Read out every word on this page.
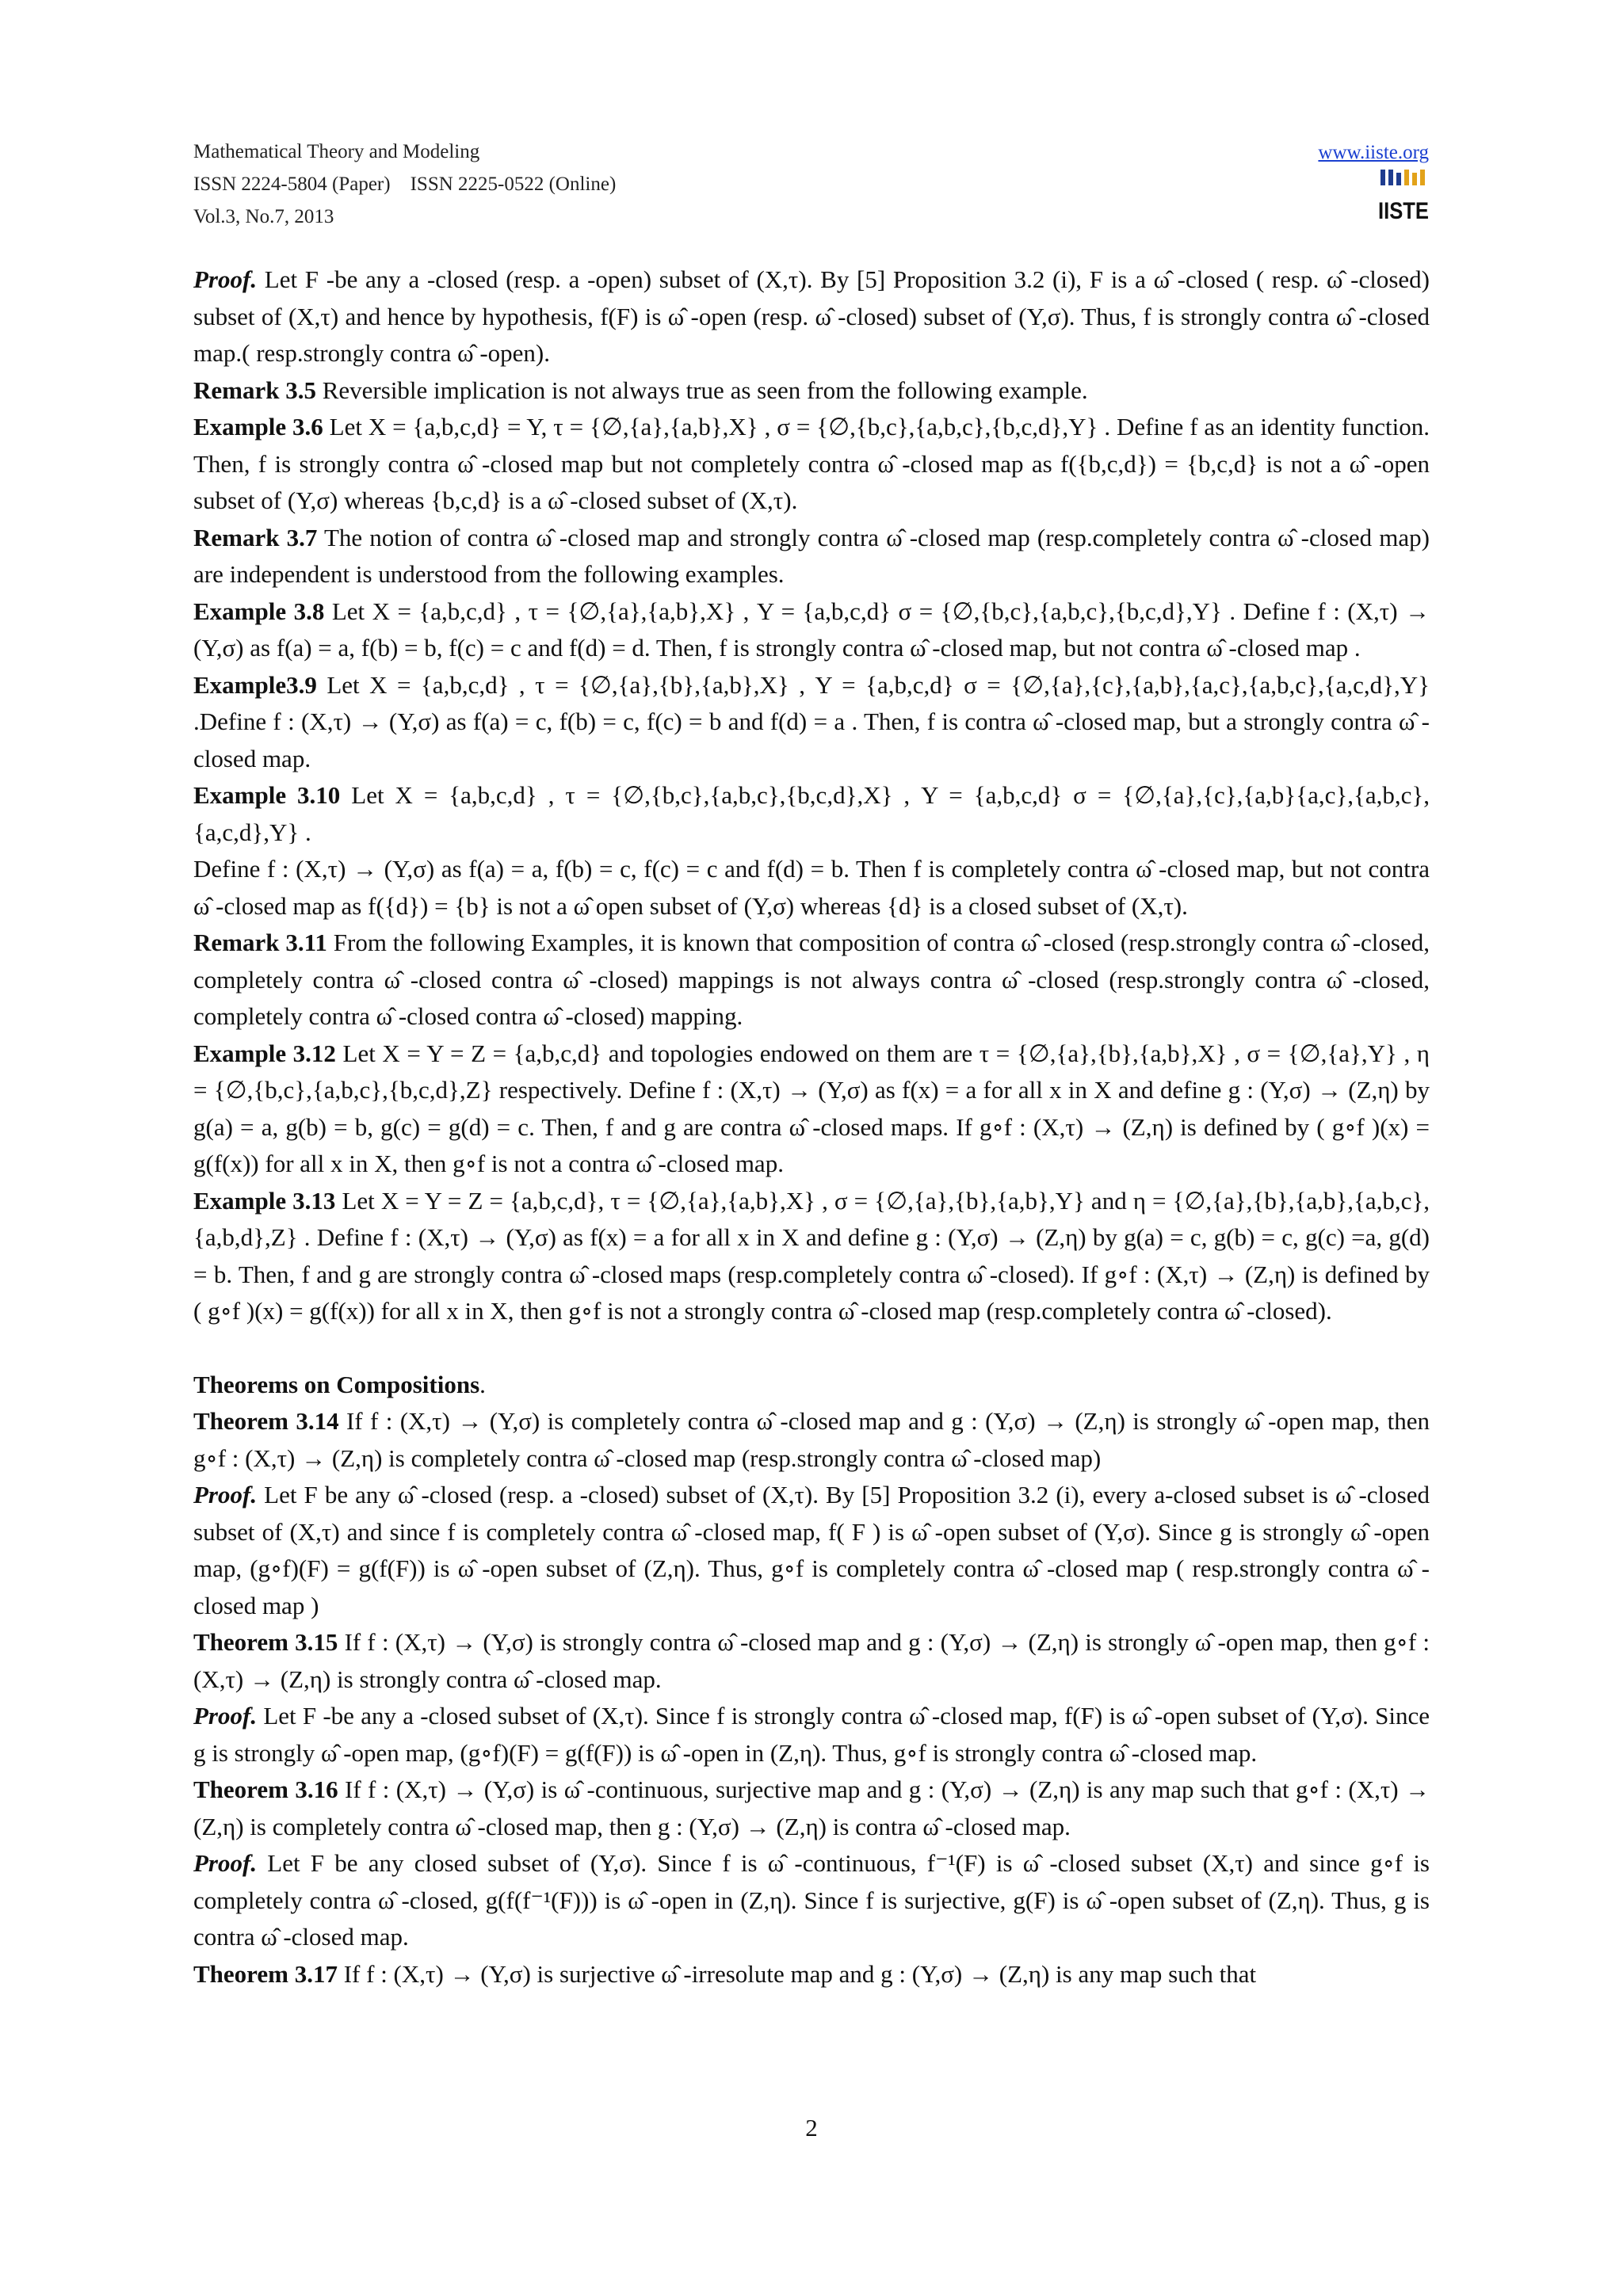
Mathematical Theory and Modeling
ISSN 2224-5804 (Paper)    ISSN 2225-0522 (Online)
Vol.3, No.7, 2013
www.iiste.org
IISTE

Proof. Let F -be any a -closed (resp. a -open) subset of (X,τ). By [5] Proposition 3.2 (i), F is a ω̂ -closed ( resp. ω̂ -closed) subset of (X,τ) and hence by hypothesis, f(F) is ω̂ -open (resp. ω̂ -closed) subset of (Y,σ). Thus, f is strongly contra ω̂ -closed map.( resp.strongly contra ω̂ -open).

Remark 3.5 Reversible implication is not always true as seen from the following example.

Example 3.6 Let X = {a,b,c,d} = Y, τ = {∅,{a},{a,b},X} , σ = {∅,{b,c},{a,b,c},{b,c,d},Y} . Define f as an identity function. Then, f is strongly contra ω̂ -closed map but not completely contra ω̂ -closed map as f({b,c,d}) = {b,c,d} is not a ω̂ -open subset of (Y,σ) whereas {b,c,d} is a ω̂ -closed subset of (X,τ).

Remark 3.7 The notion of contra ω̂ -closed map and strongly contra ω̂ -closed map (resp.completely contra ω̂ -closed map) are independent is understood from the following examples.

Example 3.8 Let X = {a,b,c,d} , τ = {∅,{a},{a,b},X} , Y = {a,b,c,d} σ = {∅,{b,c},{a,b,c},{b,c,d},Y} . Define f : (X,τ) → (Y,σ) as f(a) = a, f(b) = b, f(c) = c and f(d) = d. Then, f is strongly contra ω̂ -closed map, but not contra ω̂ -closed map .

Example3.9 Let X = {a,b,c,d} , τ = {∅,{a},{b},{a,b},X} , Y = {a,b,c,d} σ = {∅,{a},{c},{a,b},{a,c},{a,b,c},{a,c,d},Y} .Define f : (X,τ) → (Y,σ) as f(a) = c, f(b) = c, f(c) = b and f(d) = a . Then, f is contra ω̂ -closed map, but a strongly contra ω̂ -closed map.

Example 3.10 Let X = {a,b,c,d} , τ = {∅,{b,c},{a,b,c},{b,c,d},X} , Y = {a,b,c,d} σ = {∅,{a},{c},{a,b}{a,c},{a,b,c},{a,c,d},Y} .

Define f : (X,τ) → (Y,σ) as f(a) = a, f(b) = c, f(c) = c and f(d) = b. Then f is completely contra ω̂ -closed map, but not contra ω̂ -closed map as f({d}) = {b} is not a ω̂ open subset of (Y,σ) whereas {d} is a closed subset of (X,τ).

Remark 3.11 From the following Examples, it is known that composition of contra ω̂ -closed (resp.strongly contra ω̂ -closed, completely contra ω̂ -closed contra ω̂ -closed) mappings is not always contra ω̂ -closed (resp.strongly contra ω̂ -closed, completely contra ω̂ -closed contra ω̂ -closed) mapping.

Example 3.12 Let X = Y = Z = {a,b,c,d} and topologies endowed on them are τ = {∅,{a},{b},{a,b},X} , σ = {∅,{a},Y} , η = {∅,{b,c},{a,b,c},{b,c,d},Z} respectively. Define f : (X,τ) → (Y,σ) as f(x) = a for all x in X and define g : (Y,σ) → (Z,η) by g(a) = a, g(b) = b, g(c) = g(d) = c. Then, f and g are contra ω̂ -closed maps. If g∘f : (X,τ) → (Z,η) is defined by ( g∘f )(x) = g(f(x)) for all x in X, then g∘f is not a contra ω̂ -closed map.

Example 3.13 Let X = Y = Z = {a,b,c,d}, τ = {∅,{a},{a,b},X} , σ = {∅,{a},{b},{a,b},Y} and η = {∅,{a},{b},{a,b},{a,b,c},{a,b,d},Z} . Define f : (X,τ) → (Y,σ) as f(x) = a for all x in X and define g : (Y,σ) → (Z,η) by g(a) = c, g(b) = c, g(c) =a, g(d) = b. Then, f and g are strongly contra ω̂ -closed maps (resp.completely contra ω̂ -closed). If g∘f : (X,τ) → (Z,η) is defined by ( g∘f )(x) = g(f(x)) for all x in X, then g∘f is not a strongly contra ω̂ -closed map (resp.completely contra ω̂ -closed).

Theorems on Compositions.

Theorem 3.14 If f : (X,τ) → (Y,σ) is completely contra ω̂ -closed map and g : (Y,σ) → (Z,η) is strongly ω̂ -open map, then g∘f : (X,τ) → (Z,η) is completely contra ω̂ -closed map (resp.strongly contra ω̂ -closed map)

Proof. Let F be any ω̂ -closed (resp. a -closed) subset of (X,τ). By [5] Proposition 3.2 (i), every a-closed subset is ω̂ -closed subset of (X,τ) and since f is completely contra ω̂ -closed map, f( F ) is ω̂ -open subset of (Y,σ). Since g is strongly ω̂ -open map, (g∘f)(F) = g(f(F)) is ω̂ -open subset of (Z,η). Thus, g∘f is completely contra ω̂ -closed map ( resp.strongly contra ω̂ -closed map )

Theorem 3.15 If f : (X,τ) → (Y,σ) is strongly contra ω̂ -closed map and g : (Y,σ) → (Z,η) is strongly ω̂ -open map, then g∘f : (X,τ) → (Z,η) is strongly contra ω̂ -closed map.

Proof. Let F -be any a -closed subset of (X,τ). Since f is strongly contra ω̂ -closed map, f(F) is ω̂ -open subset of (Y,σ). Since g is strongly ω̂ -open map, (g∘f)(F) = g(f(F)) is ω̂ -open in (Z,η). Thus, g∘f is strongly contra ω̂ -closed map.

Theorem 3.16 If f : (X,τ) → (Y,σ) is ω̂ -continuous, surjective map and g : (Y,σ) → (Z,η) is any map such that g∘f : (X,τ) → (Z,η) is completely contra ω̂ -closed map, then g : (Y,σ) → (Z,η) is contra ω̂ -closed map.

Proof. Let F be any closed subset of (Y,σ). Since f is ω̂ -continuous, f⁻¹(F) is ω̂ -closed subset (X,τ) and since g∘f is completely contra ω̂ -closed, g(f(f⁻¹(F))) is ω̂ -open in (Z,η). Since f is surjective, g(F) is ω̂ -open subset of (Z,η). Thus, g is contra ω̂ -closed map.

Theorem 3.17 If f : (X,τ) → (Y,σ) is surjective ω̂ -irresolute map and g : (Y,σ) → (Z,η) is any map such that

2
